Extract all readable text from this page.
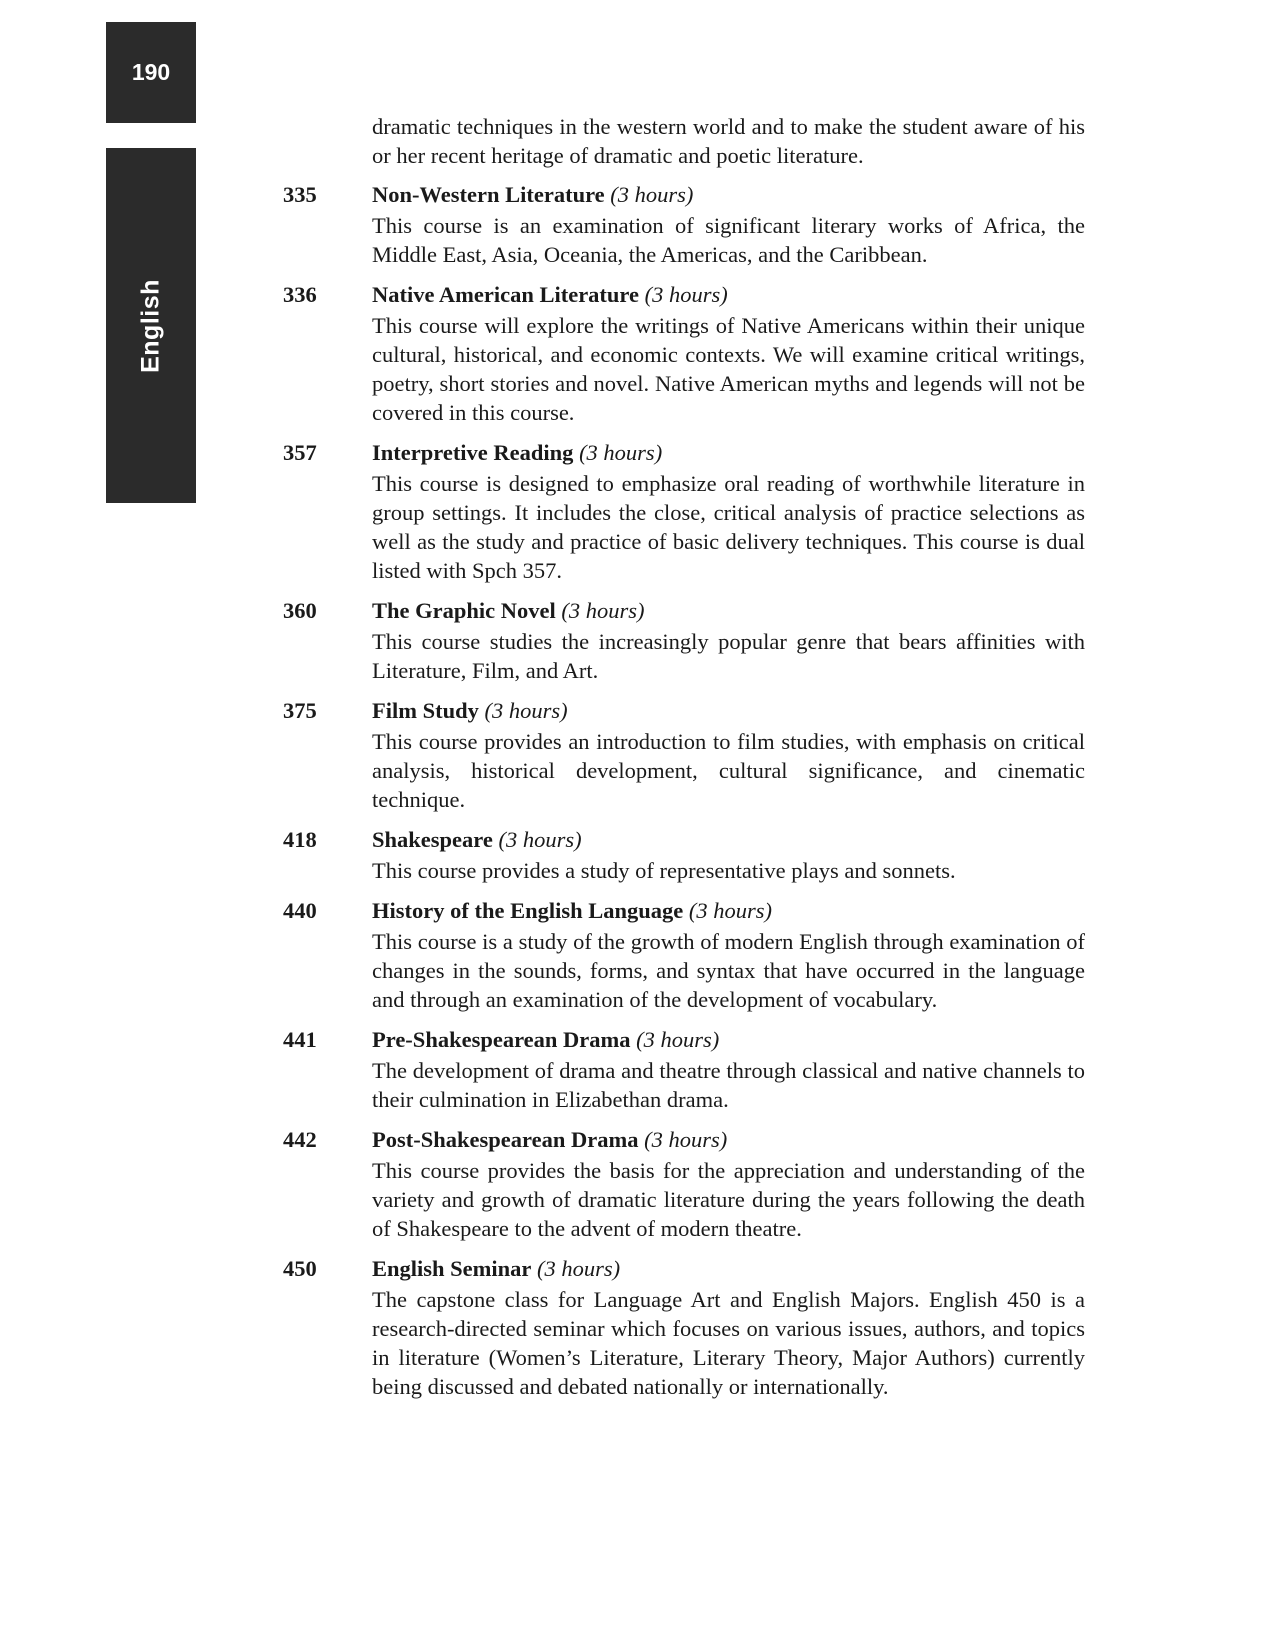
190
English
dramatic techniques in the western world and to make the student aware of his or her recent heritage of dramatic and poetic literature.
335	Non-Western Literature (3 hours)
This course is an examination of significant literary works of Africa, the Middle East, Asia, Oceania, the Americas, and the Caribbean.
336	Native American Literature (3 hours)
This course will explore the writings of Native Americans within their unique cultural, historical, and economic contexts. We will examine critical writings, poetry, short stories and novel. Native American myths and legends will not be covered in this course.
357	Interpretive Reading (3 hours)
This course is designed to emphasize oral reading of worthwhile literature in group settings. It includes the close, critical analysis of practice selections as well as the study and practice of basic delivery techniques. This course is dual listed with Spch 357.
360	The Graphic Novel (3 hours)
This course studies the increasingly popular genre that bears affinities with Literature, Film, and Art.
375	Film Study (3 hours)
This course provides an introduction to film studies, with emphasis on critical analysis, historical development, cultural significance, and cinematic technique.
418	Shakespeare (3 hours)
This course provides a study of representative plays and sonnets.
440	History of the English Language (3 hours)
This course is a study of the growth of modern English through examination of changes in the sounds, forms, and syntax that have occurred in the language and through an examination of the development of vocabulary.
441	Pre-Shakespearean Drama (3 hours)
The development of drama and theatre through classical and native channels to their culmination in Elizabethan drama.
442	Post-Shakespearean Drama (3 hours)
This course provides the basis for the appreciation and understanding of the variety and growth of dramatic literature during the years following the death of Shakespeare to the advent of modern theatre.
450	English Seminar (3 hours)
The capstone class for Language Art and English Majors. English 450 is a research-directed seminar which focuses on various issues, authors, and topics in literature (Women’s Literature, Literary Theory, Major Authors) currently being discussed and debated nationally or internationally.
